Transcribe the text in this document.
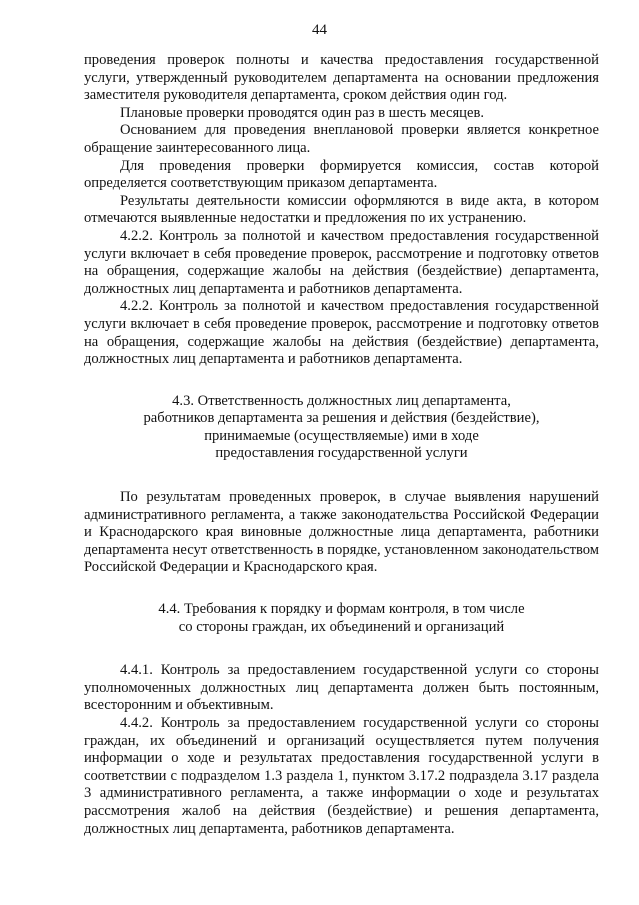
44

проведения проверок полноты и качества предоставления государственной услуги, утвержденный руководителем департамента на основании предложения заместителя руководителя департамента, сроком действия один год.

Плановые проверки проводятся один раз в шесть месяцев.

Основанием для проведения внеплановой проверки является конкретное обращение заинтересованного лица.

Для проведения проверки формируется комиссия, состав которой определяется соответствующим приказом департамента.

Результаты деятельности комиссии оформляются в виде акта, в котором отмечаются выявленные недостатки и предложения по их устранению.

4.2.2. Контроль за полнотой и качеством предоставления государственной услуги включает в себя проведение проверок, рассмотрение и подготовку ответов на обращения, содержащие жалобы на действия (бездействие) департамента, должностных лиц департамента и работников департамента.

4.2.2. Контроль за полнотой и качеством предоставления государственной услуги включает в себя проведение проверок, рассмотрение и подготовку ответов на обращения, содержащие жалобы на действия (бездействие) департамента, должностных лиц департамента и работников департамента.

4.3. Ответственность должностных лиц департамента,
работников департамента за решения и действия (бездействие),
принимаемые (осуществляемые) ими в ходе
предоставления государственной услуги

По результатам проведенных проверок, в случае выявления нарушений административного регламента, а также законодательства Российской Федерации и Краснодарского края виновные должностные лица департамента, работники департамента несут ответственность в порядке, установленном законодательством Российской Федерации и Краснодарского края.

4.4. Требования к порядку и формам контроля, в том числе
со стороны граждан, их объединений и организаций

4.4.1. Контроль за предоставлением государственной услуги со стороны уполномоченных должностных лиц департамента должен быть постоянным, всесторонним и объективным.

4.4.2. Контроль за предоставлением государственной услуги со стороны граждан, их объединений и организаций осуществляется путем получения информации о ходе и результатах предоставления государственной услуги в соответствии с подразделом 1.3 раздела 1, пунктом 3.17.2 подраздела 3.17 раздела 3 административного регламента, а также информации о ходе и результатах рассмотрения жалоб на действия (бездействие) и решения департамента, должностных лиц департамента, работников департамента.
